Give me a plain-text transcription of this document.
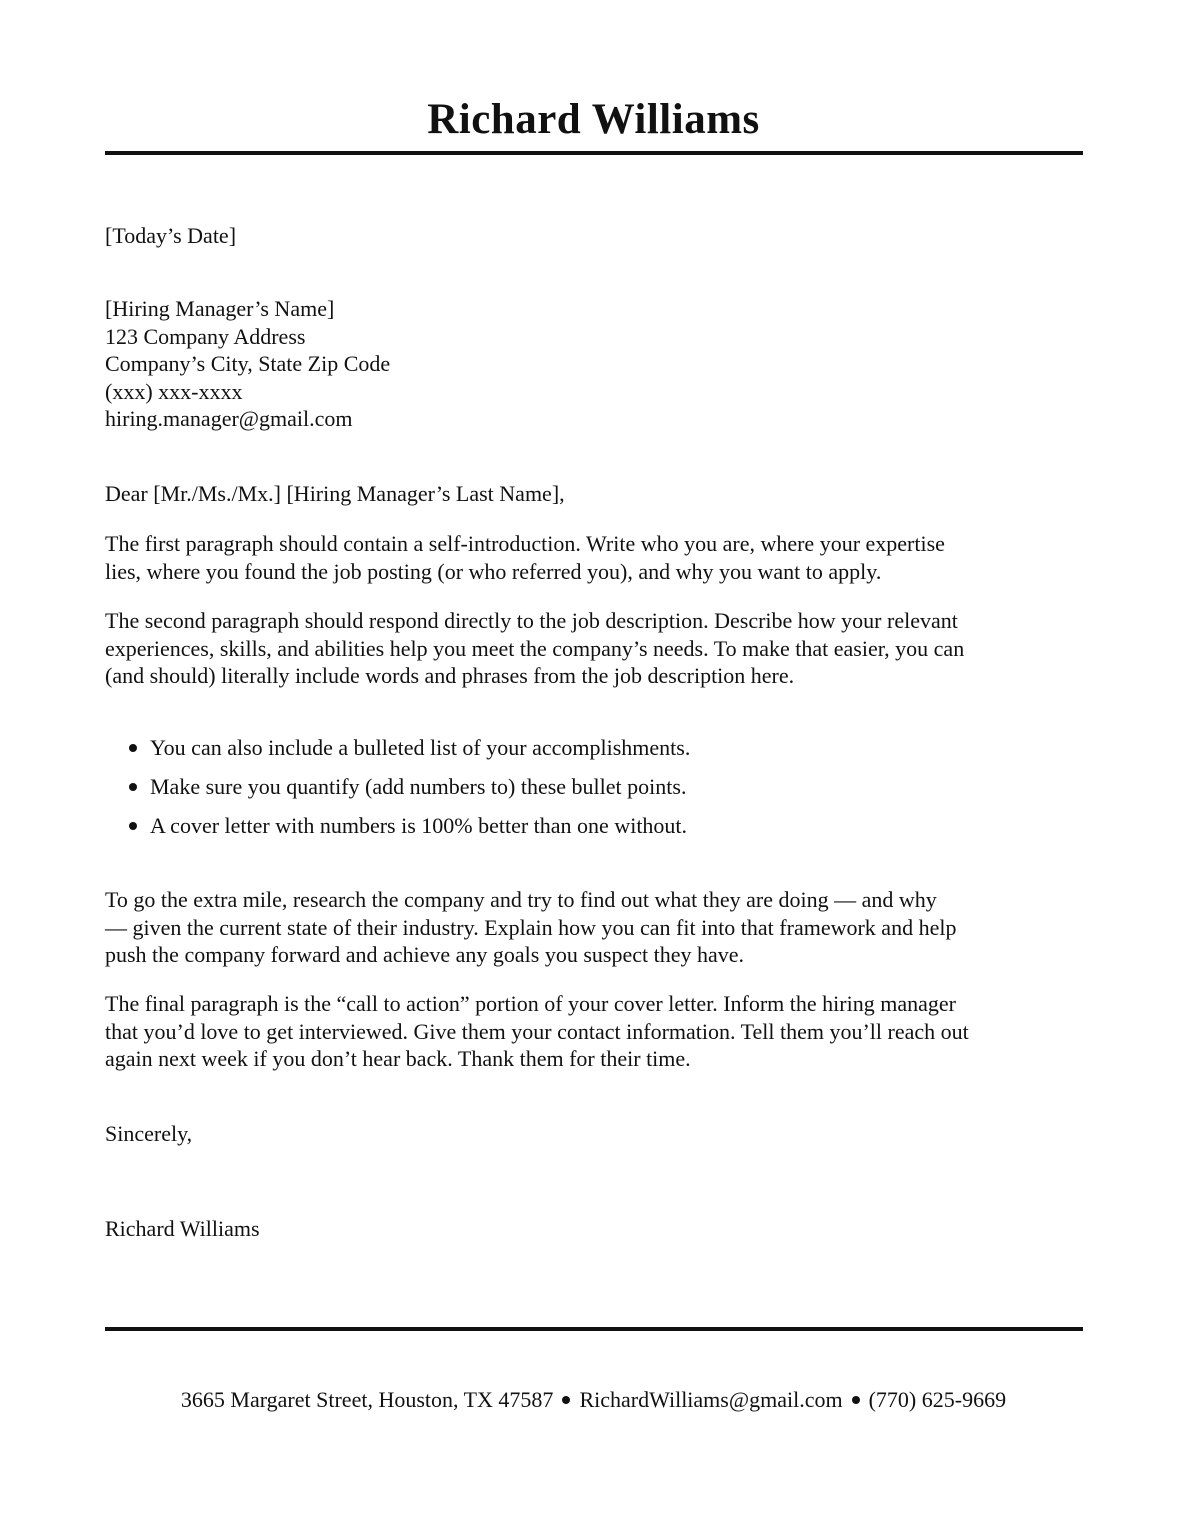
Richard Williams
[Today’s Date]
[Hiring Manager’s Name]
123 Company Address
Company’s City, State Zip Code
(xxx) xxx-xxxx
hiring.manager@gmail.com
Dear [Mr./Ms./Mx.] [Hiring Manager’s Last Name],
The first paragraph should contain a self-introduction. Write who you are, where your expertise
lies, where you found the job posting (or who referred you), and why you want to apply.
The second paragraph should respond directly to the job description. Describe how your relevant
experiences, skills, and abilities help you meet the company’s needs. To make that easier, you can
(and should) literally include words and phrases from the job description here.
You can also include a bulleted list of your accomplishments.
Make sure you quantify (add numbers to) these bullet points.
A cover letter with numbers is 100% better than one without.
To go the extra mile, research the company and try to find out what they are doing — and why
— given the current state of their industry. Explain how you can fit into that framework and help
push the company forward and achieve any goals you suspect they have.
The final paragraph is the “call to action” portion of your cover letter. Inform the hiring manager
that you’d love to get interviewed. Give them your contact information. Tell them you’ll reach out
again next week if you don’t hear back. Thank them for their time.
Sincerely,
Richard Williams
3665 Margaret Street, Houston, TX 47587 RichardWilliams@gmail.com (770) 625-9669
